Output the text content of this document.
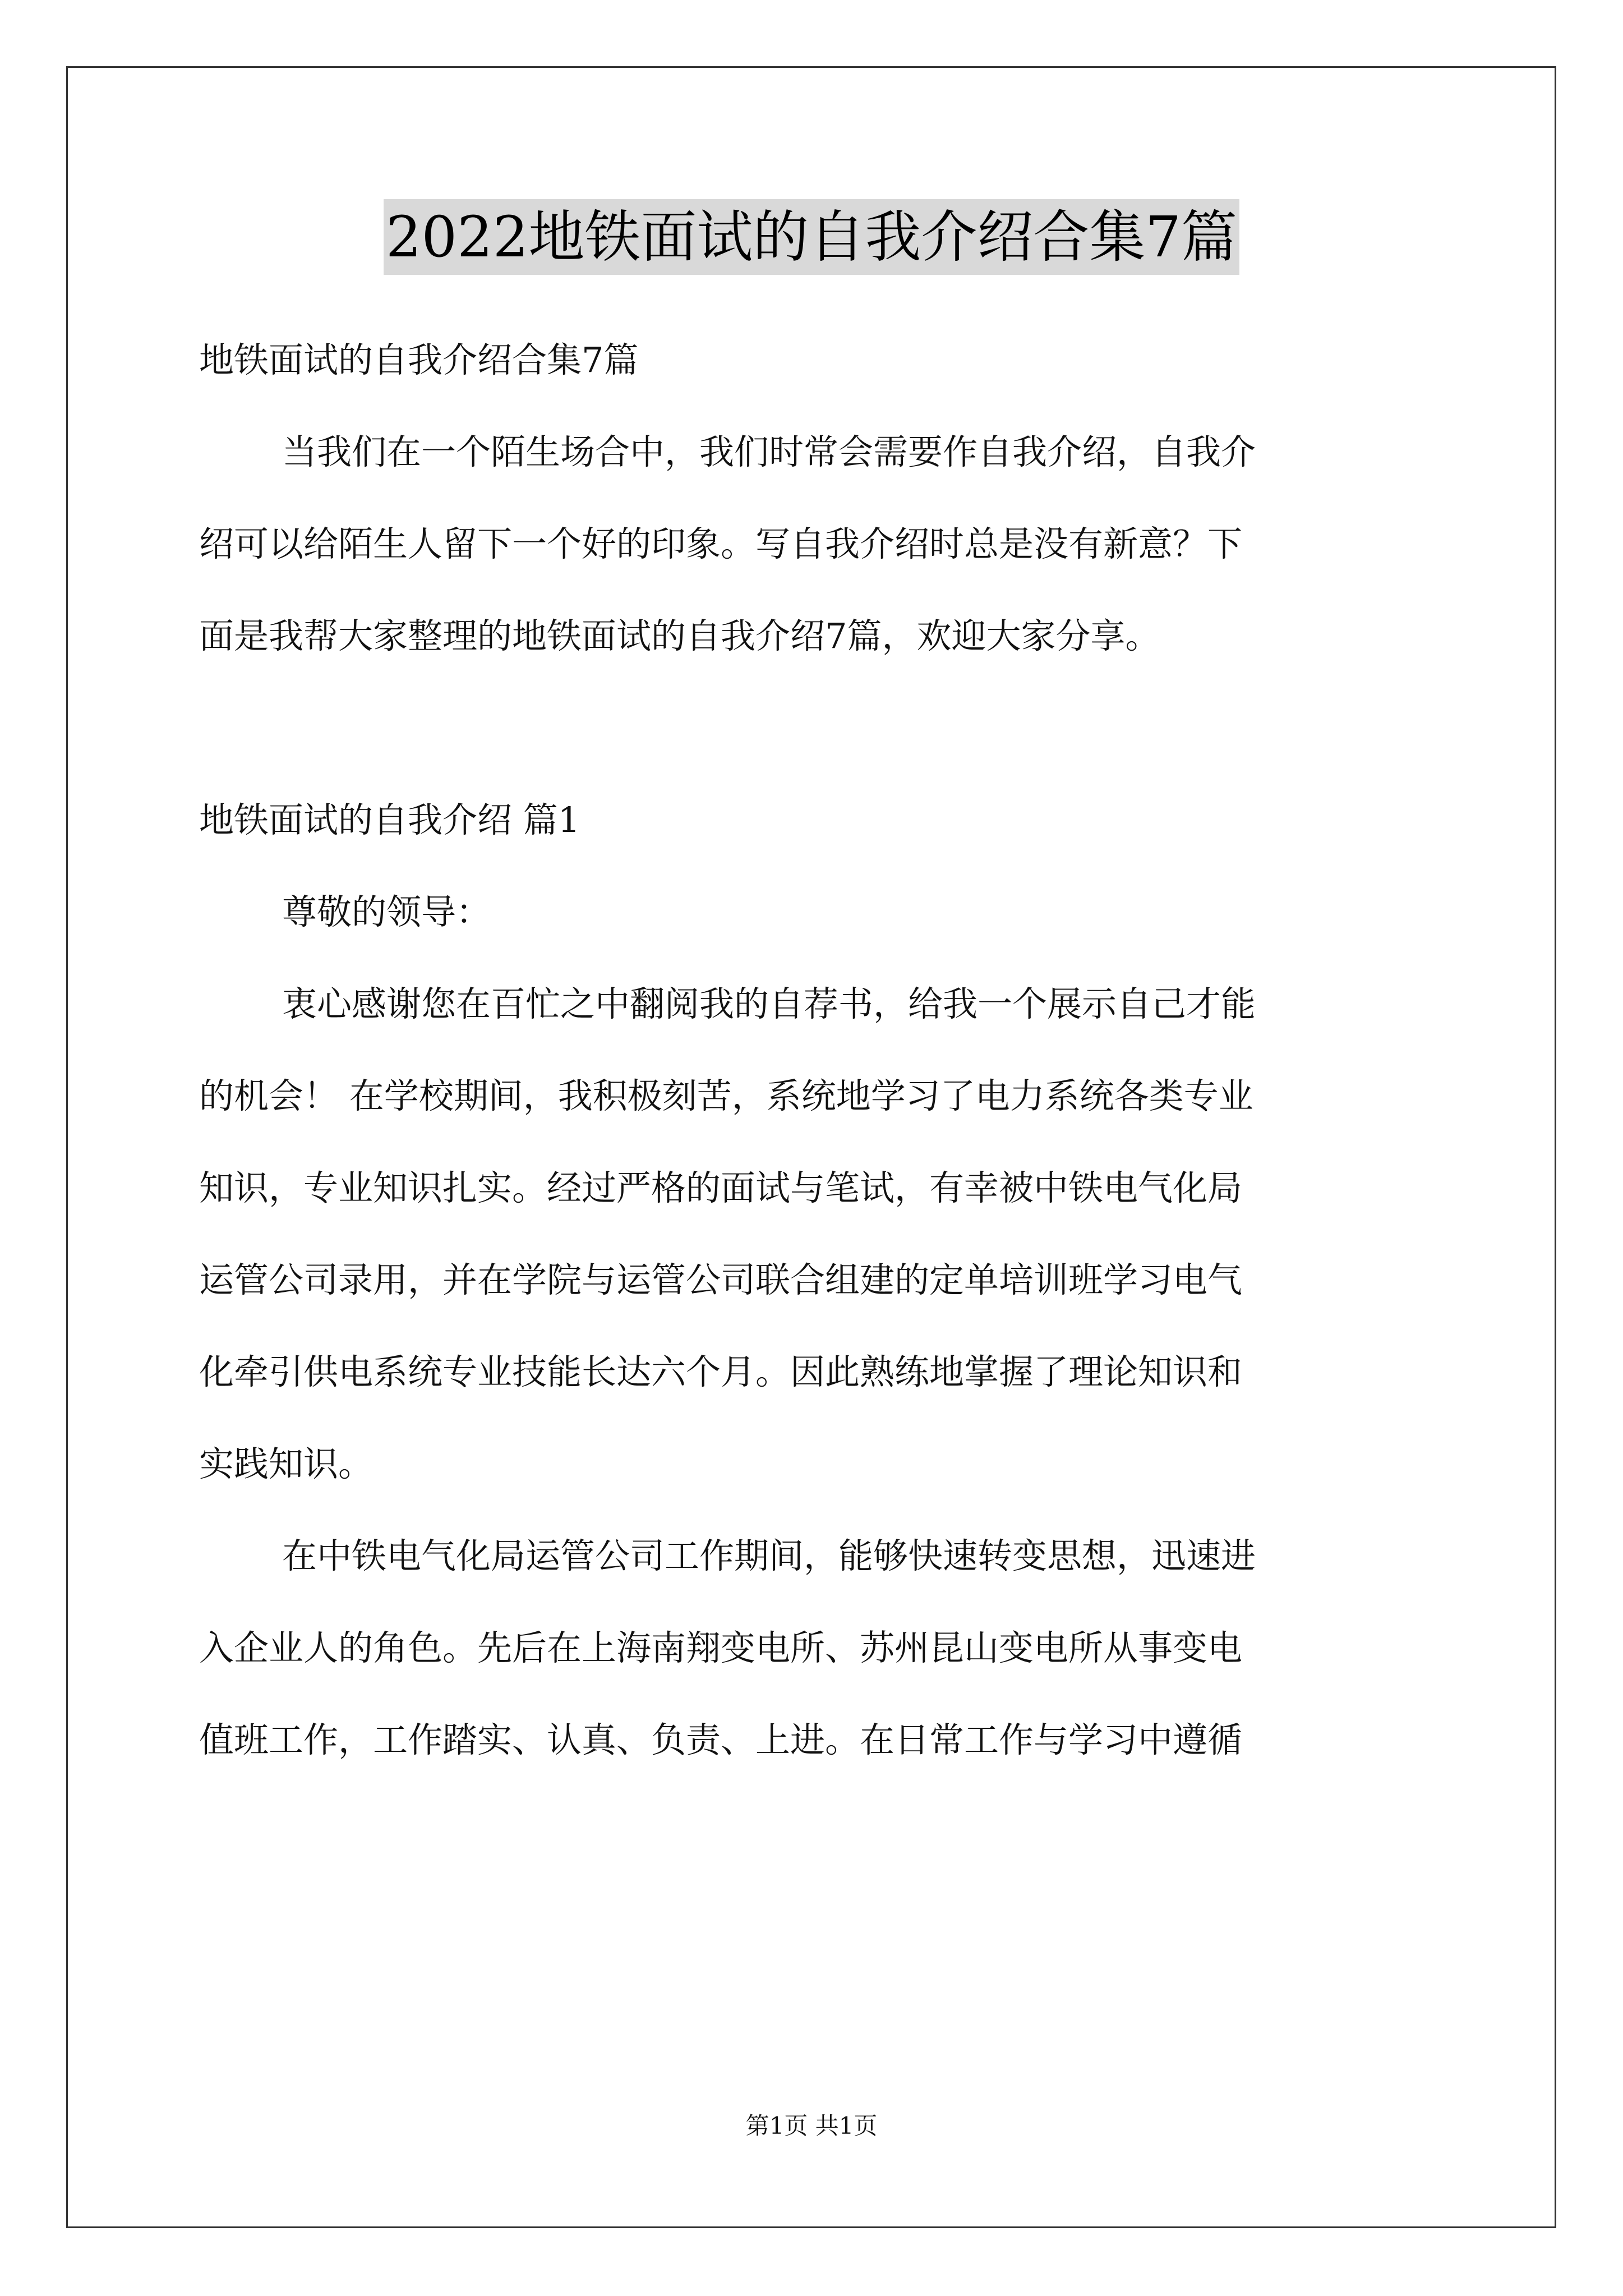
2022地铁面试的自我介绍合集7篇

地铁面试的自我介绍合集7篇

当我们在一个陌生场合中，我们时常会需要作自我介绍，自我介

绍可以给陌生人留下一个好的印象。写自我介绍时总是没有新意？下

面是我帮大家整理的地铁面试的自我介绍7篇，欢迎大家分享。

地铁面试的自我介绍 篇1

尊敬的领导：

衷心感谢您在百忙之中翻阅我的自荐书，给我一个展示自己才能

的机会！ 在学校期间，我积极刻苦，系统地学习了电力系统各类专业

知识，专业知识扎实。经过严格的面试与笔试，有幸被中铁电气化局

运管公司录用，并在学院与运管公司联合组建的定单培训班学习电气

化牵引供电系统专业技能长达六个月。因此熟练地掌握了理论知识和

实践知识。

在中铁电气化局运管公司工作期间，能够快速转变思想，迅速进

入企业人的角色。先后在上海南翔变电所、苏州昆山变电所从事变电

值班工作，工作踏实、认真、负责、上进。在日常工作与学习中遵循

第1页 共1页
